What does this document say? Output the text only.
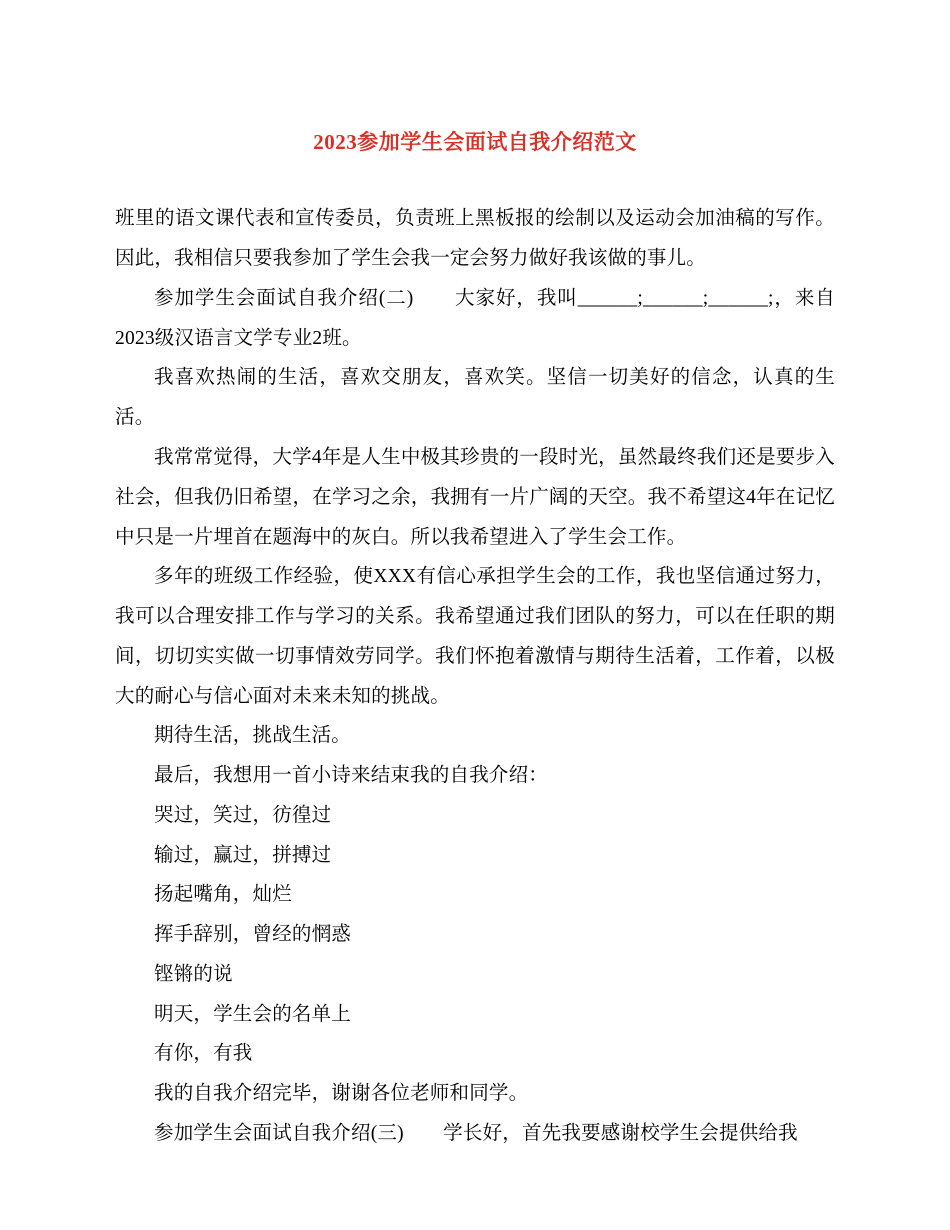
2023参加学生会面试自我介绍范文

班里的语文课代表和宣传委员，负责班上黑板报的绘制以及运动会加油稿的写作。因此，我相信只要我参加了学生会我一定会努力做好我该做的事儿。

参加学生会面试自我介绍(二)　　大家好，我叫______;______;______;，来自2023级汉语言文学专业2班。

我喜欢热闹的生活，喜欢交朋友，喜欢笑。坚信一切美好的信念，认真的生活。

我常常觉得，大学4年是人生中极其珍贵的一段时光，虽然最终我们还是要步入社会，但我仍旧希望，在学习之余，我拥有一片广阔的天空。我不希望这4年在记忆中只是一片埋首在题海中的灰白。所以我希望进入了学生会工作。

多年的班级工作经验，使XXX有信心承担学生会的工作，我也坚信通过努力，我可以合理安排工作与学习的关系。我希望通过我们团队的努力，可以在任职的期间，切切实实做一切事情效劳同学。我们怀抱着激情与期待生活着，工作着，以极大的耐心与信心面对未来未知的挑战。

期待生活，挑战生活。

最后，我想用一首小诗来结束我的自我介绍：

哭过，笑过，彷徨过

输过，赢过，拼搏过

扬起嘴角，灿烂

挥手辞别，曾经的惘惑

铿锵的说

明天，学生会的名单上

有你，有我

我的自我介绍完毕，谢谢各位老师和同学。

参加学生会面试自我介绍(三)　　学长好，首先我要感谢校学生会提供给我
